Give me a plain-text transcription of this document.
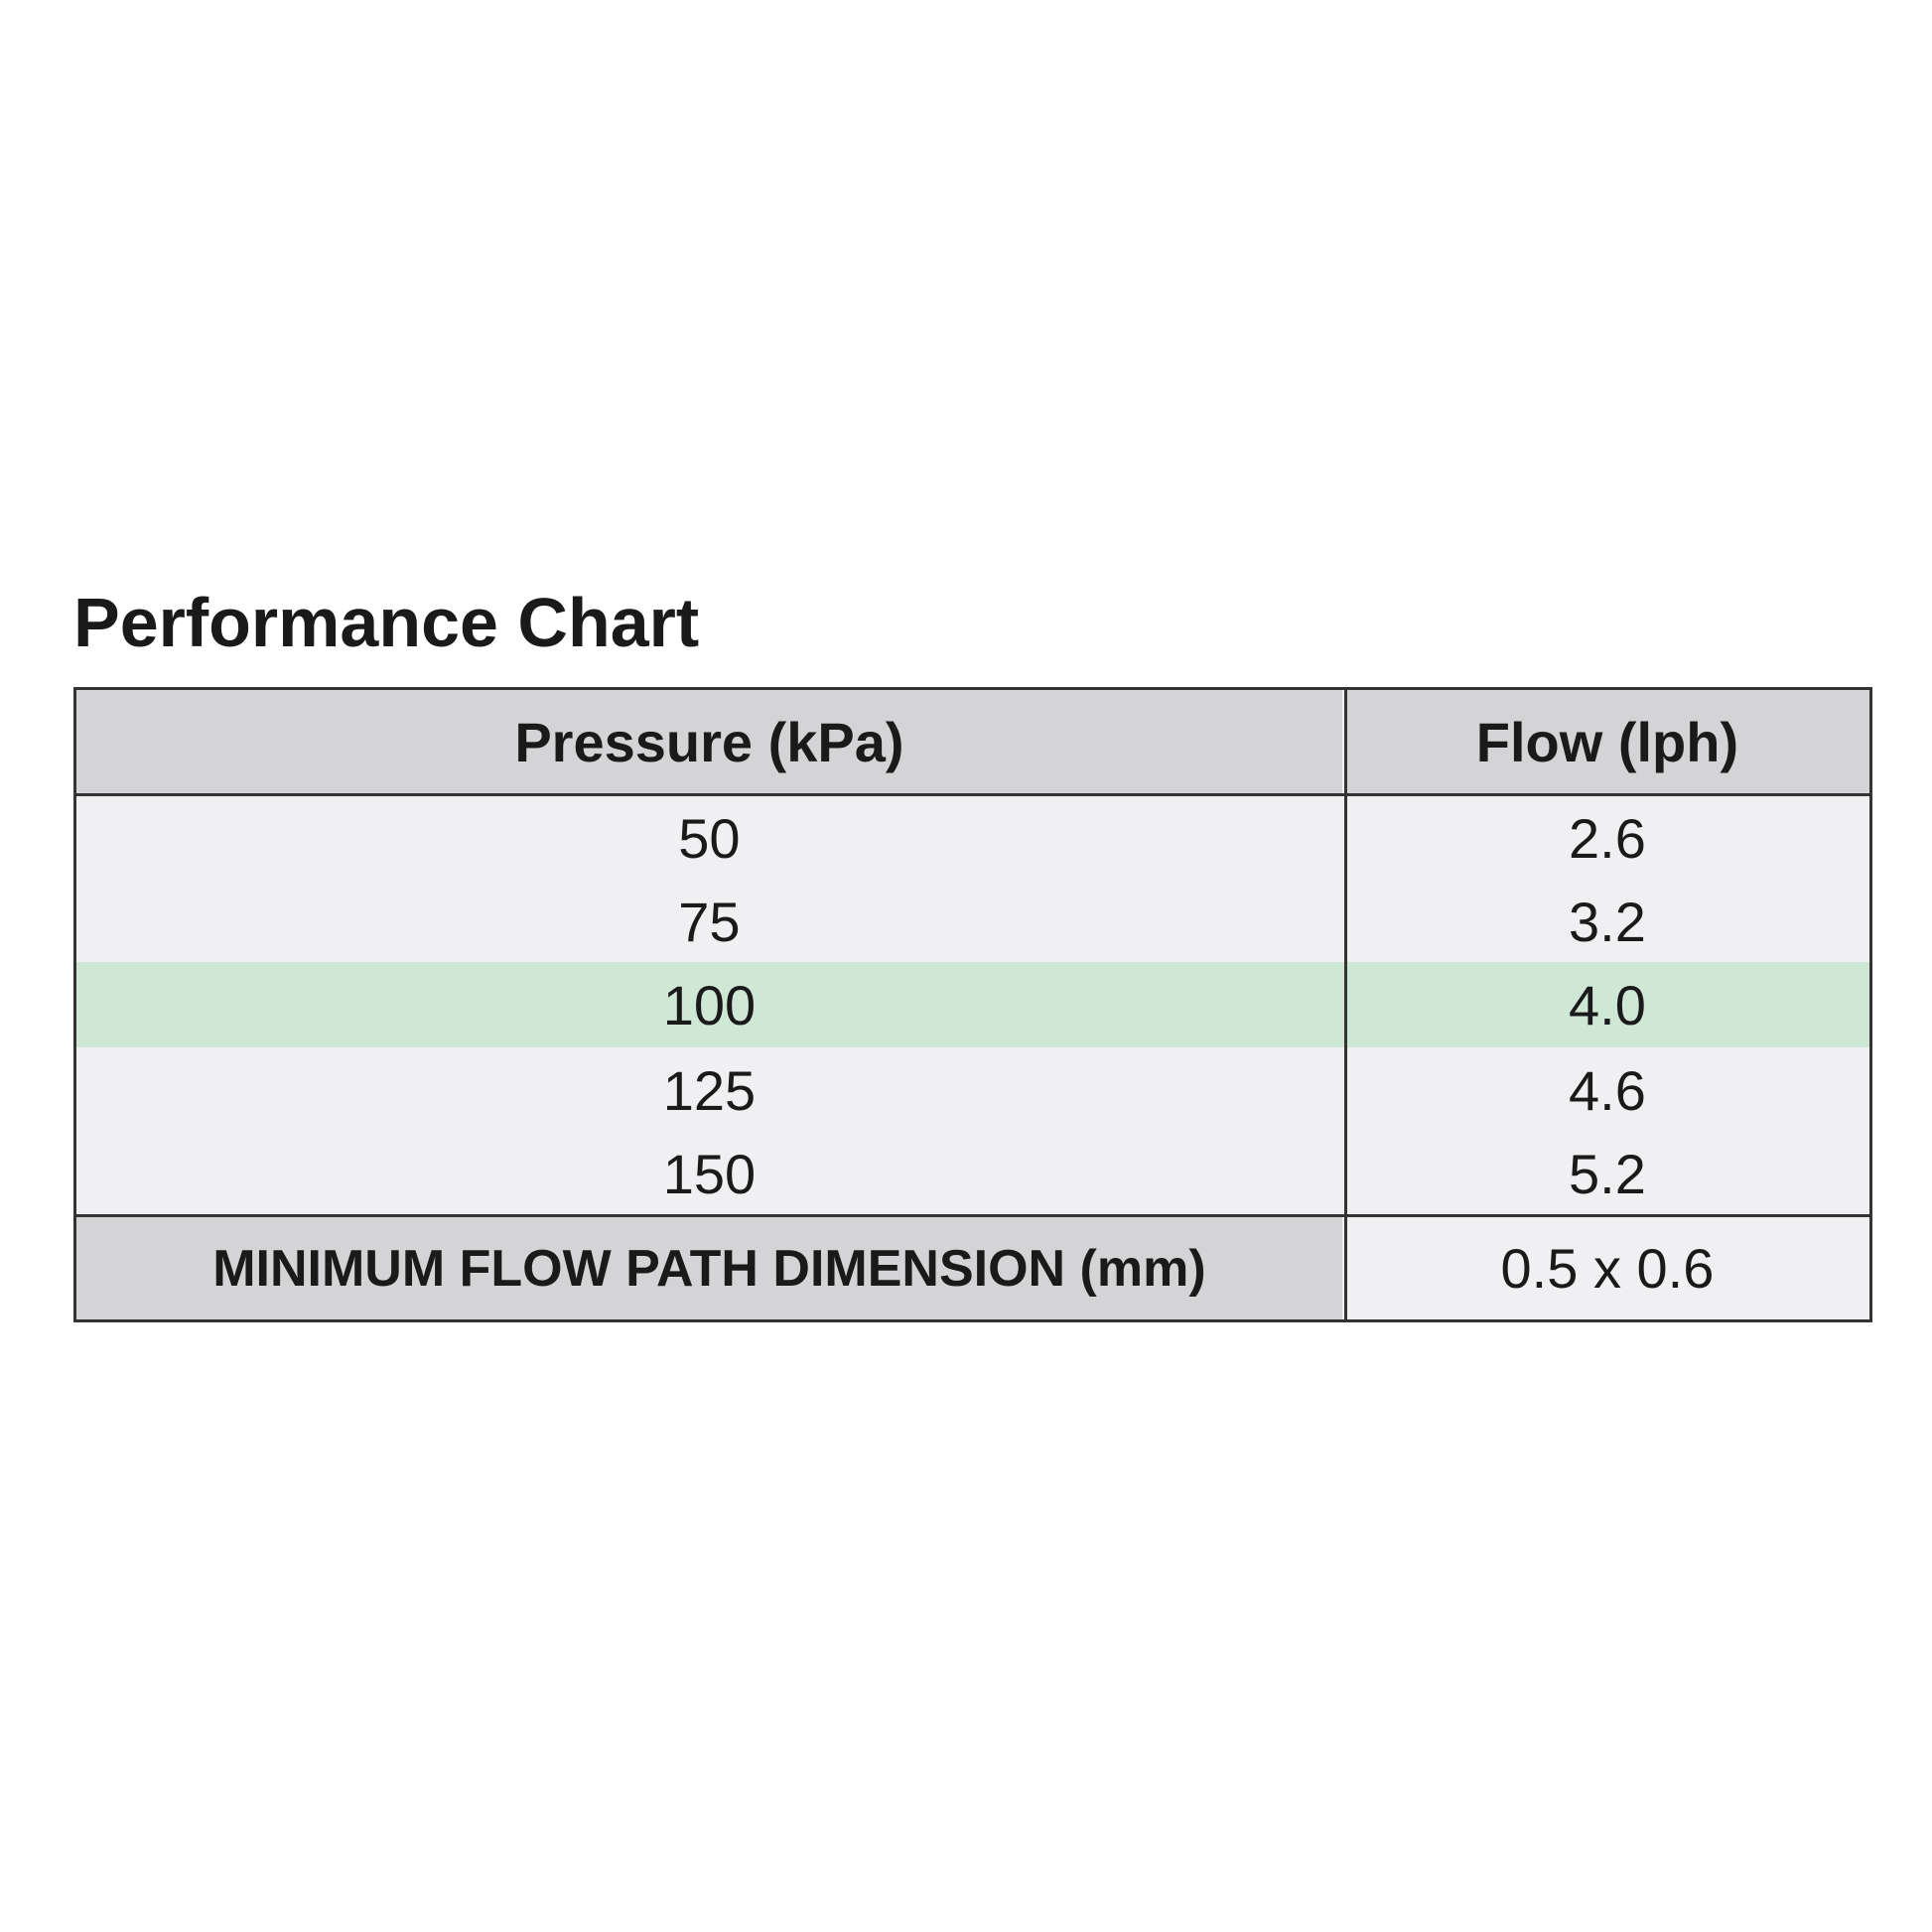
Performance Chart
Pressure (kPa)	Flow (lph)
50	2.6
75	3.2
100	4.0
125	4.6
150	5.2
MINIMUM FLOW PATH DIMENSION (mm)	0.5 x 0.6
